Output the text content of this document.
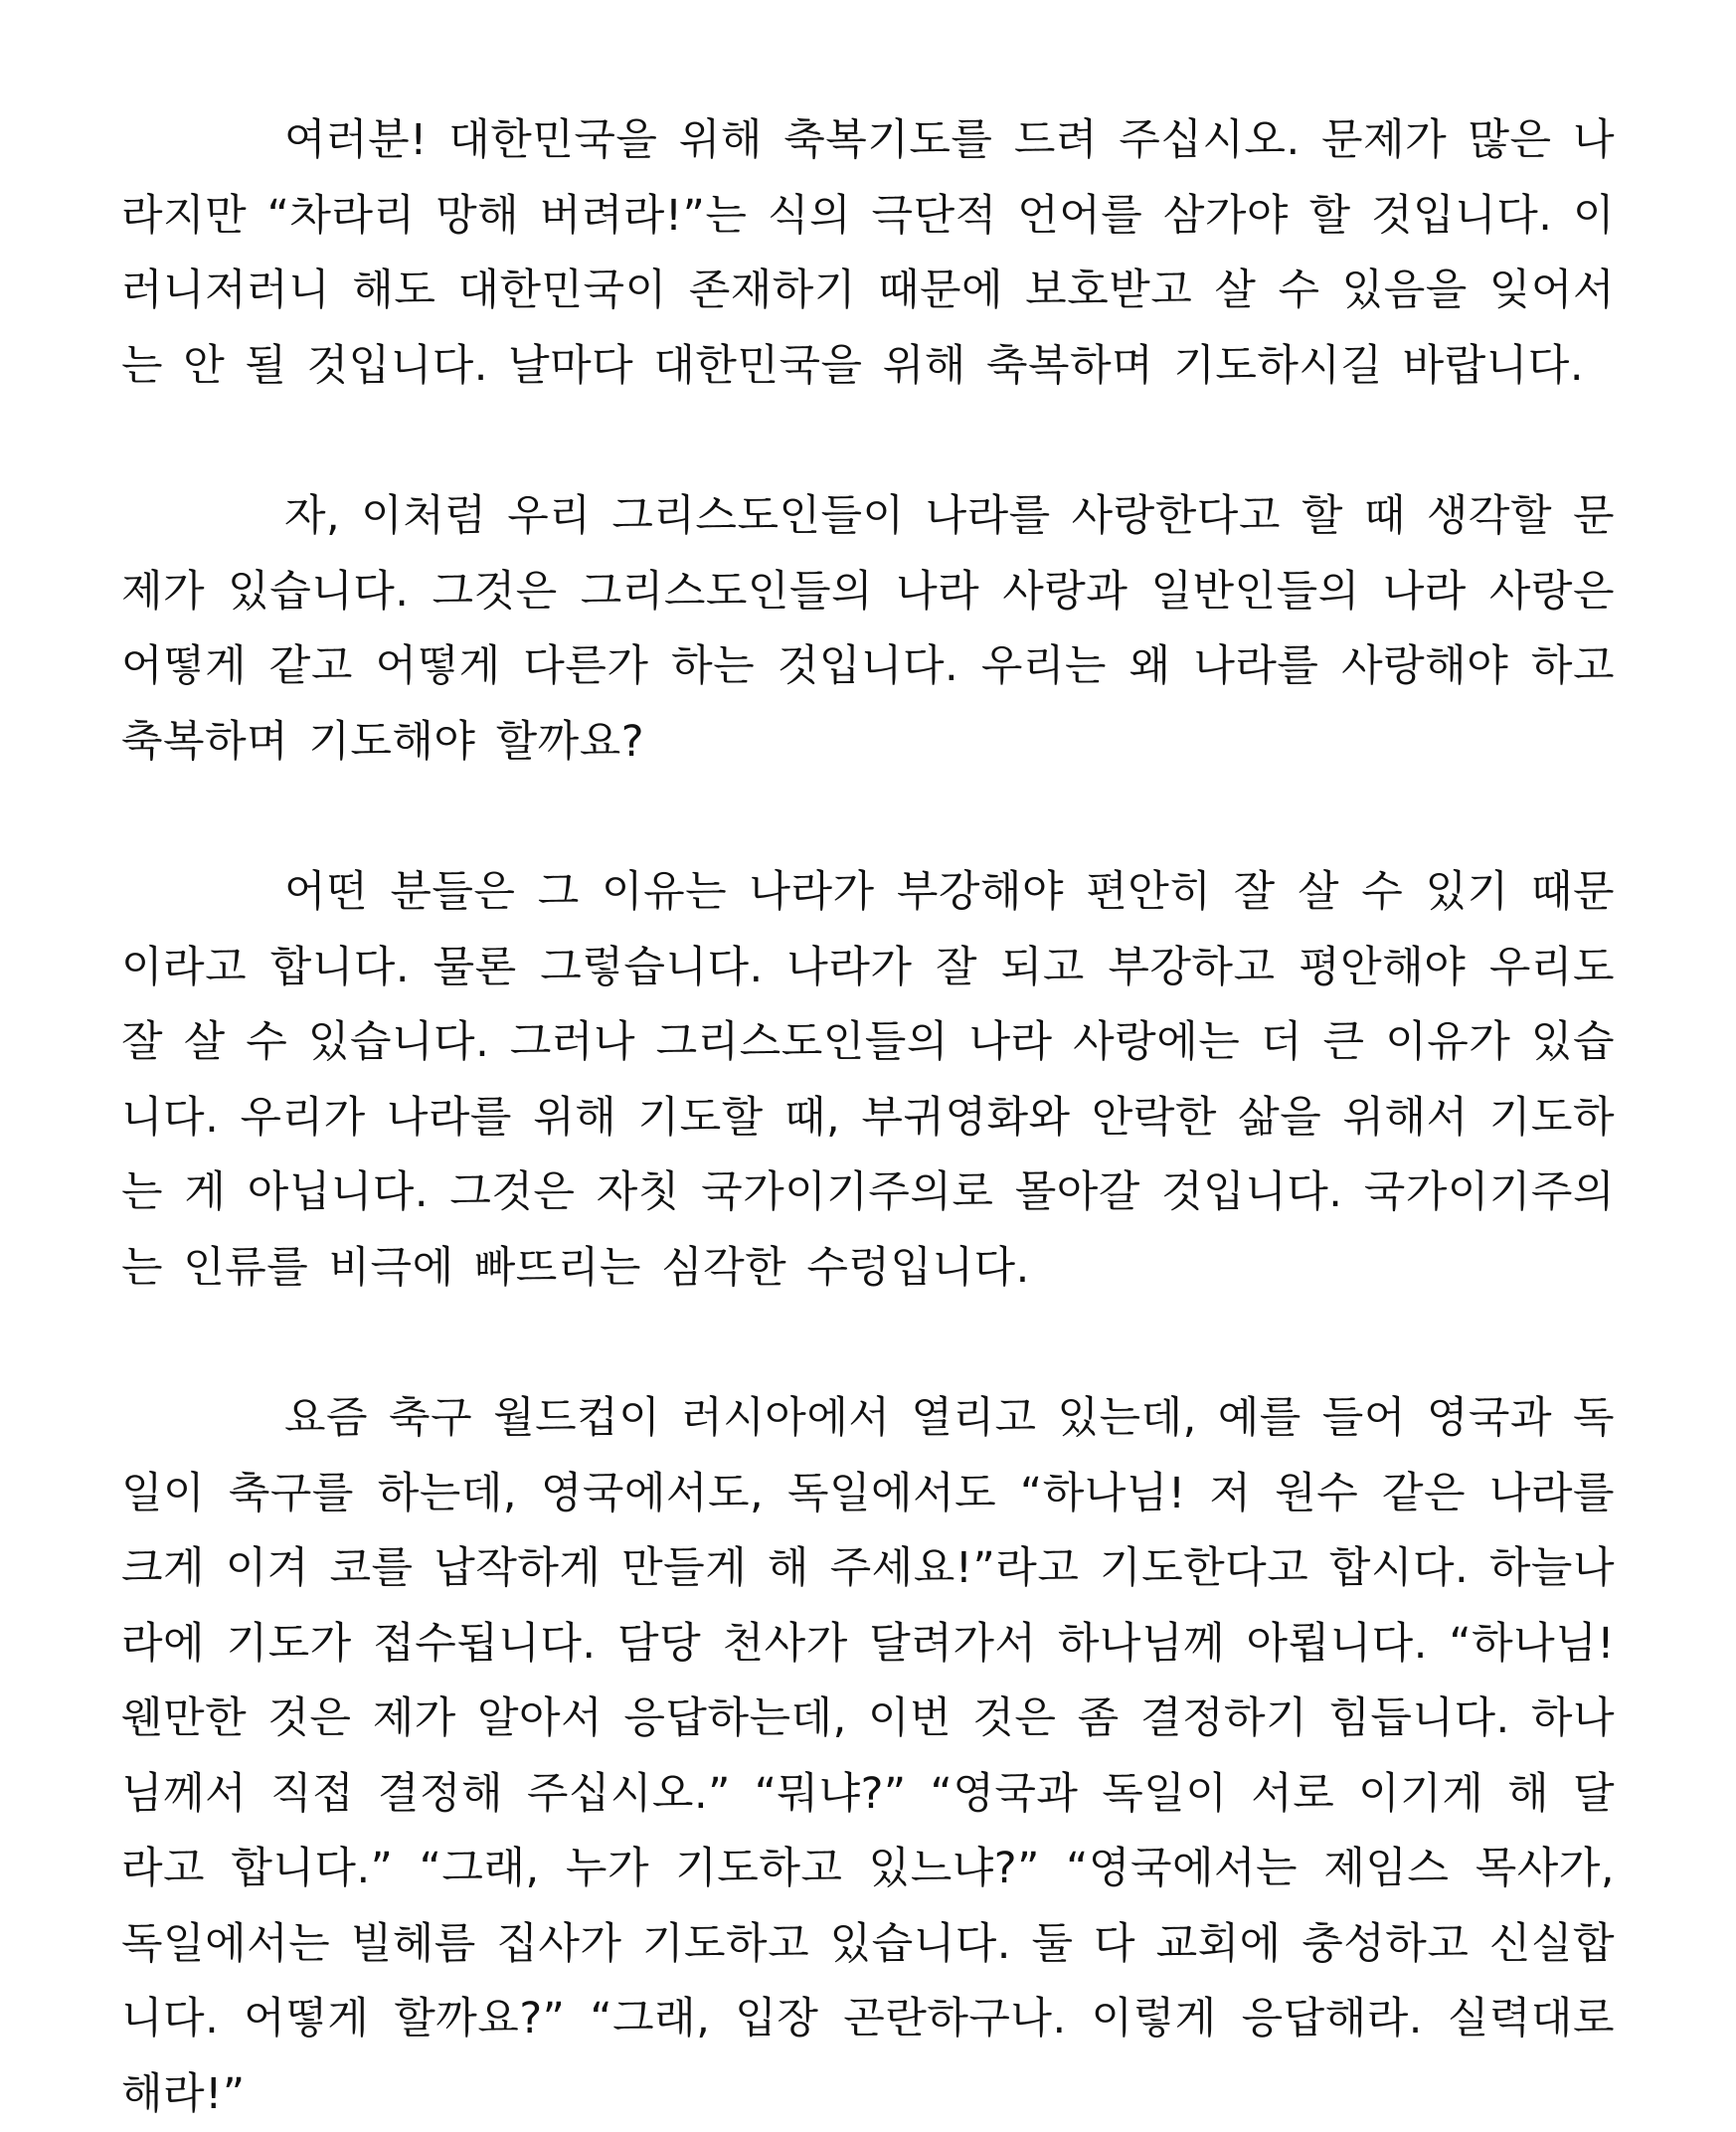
여러분! 대한민국을 위해 축복기도를 드려 주십시오. 문제가 많은 나라지만 “차라리 망해 버려라!”는 식의 극단적 언어를 삼가야 할 것입니다. 이러니저러니 해도 대한민국이 존재하기 때문에 보호받고 살 수 있음을 잊어서는 안 될 것입니다. 날마다 대한민국을 위해 축복하며 기도하시길 바랍니다.

자, 이처럼 우리 그리스도인들이 나라를 사랑한다고 할 때 생각할 문제가 있습니다. 그것은 그리스도인들의 나라 사랑과 일반인들의 나라 사랑은 어떻게 같고 어떻게 다른가 하는 것입니다. 우리는 왜 나라를 사랑해야 하고 축복하며 기도해야 할까요?

어떤 분들은 그 이유는 나라가 부강해야 편안히 잘 살 수 있기 때문이라고 합니다. 물론 그렇습니다. 나라가 잘 되고 부강하고 평안해야 우리도 잘 살 수 있습니다. 그러나 그리스도인들의 나라 사랑에는 더 큰 이유가 있습니다. 우리가 나라를 위해 기도할 때, 부귀영화와 안락한 삶을 위해서 기도하는 게 아닙니다. 그것은 자칫 국가이기주의로 몰아갈 것입니다. 국가이기주의는 인류를 비극에 빠뜨리는 심각한 수렁입니다.

요즘 축구 월드컵이 러시아에서 열리고 있는데, 예를 들어 영국과 독일이 축구를 하는데, 영국에서도, 독일에서도 “하나님! 저 원수 같은 나라를 크게 이겨 코를 납작하게 만들게 해 주세요!”라고 기도한다고 합시다. 하늘나라에 기도가 접수됩니다. 담당 천사가 달려가서 하나님께 아룁니다. “하나님! 웬만한 것은 제가 알아서 응답하는데, 이번 것은 좀 결정하기 힘듭니다. 하나님께서 직접 결정해 주십시오.” “뭐냐?” “영국과 독일이 서로 이기게 해 달라고 합니다.” “그래, 누가 기도하고 있느냐?” “영국에서는 제임스 목사가, 독일에서는 빌헤름 집사가 기도하고 있습니다. 둘 다 교회에 충성하고 신실합니다. 어떻게 할까요?” “그래, 입장 곤란하구나. 이렇게 응답해라. 실력대로 해라!”
